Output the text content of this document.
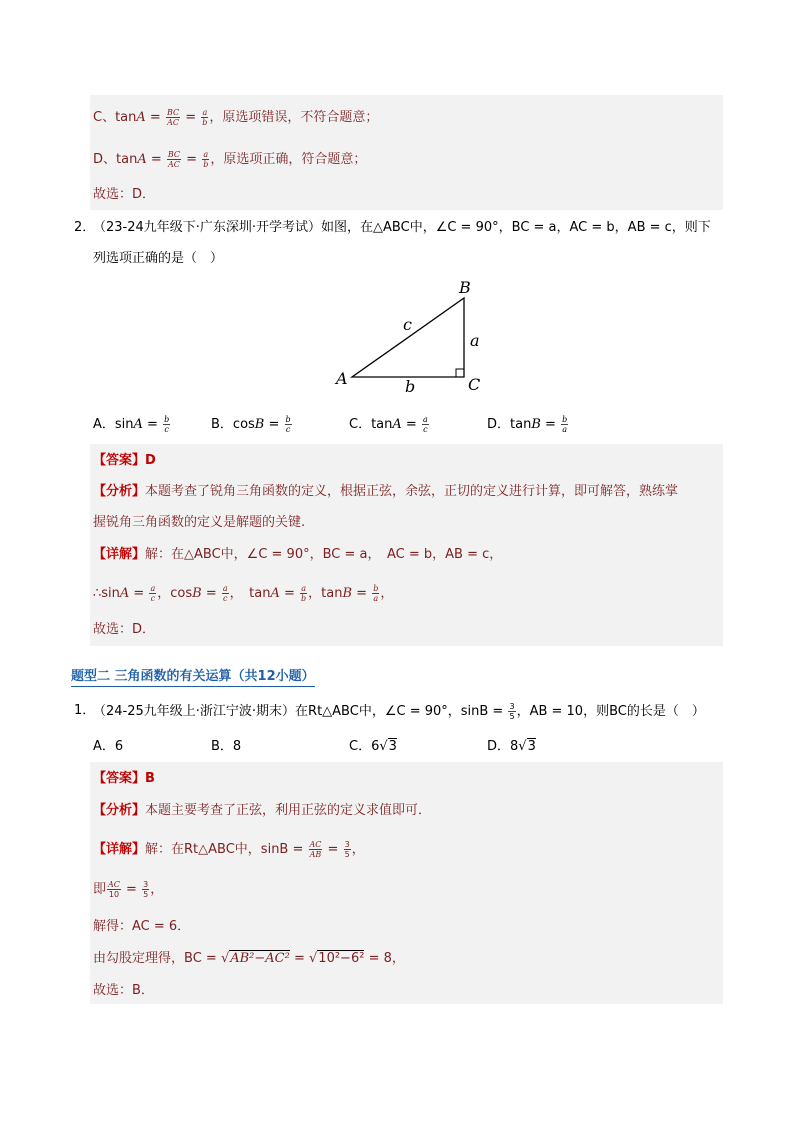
C、$\tan A = \frac{BC}{AC} = \frac{a}{b}$ ，原选项错误，不符合题意；
D、$\tan A = \frac{BC}{AC} = \frac{a}{b}$ ，原选项正确，符合题意；
故选：D．
2．
（23-24九年级下·广东深圳·开学考试）如图，在△ABC中，∠C = 90°，BC = a，AC = b，AB = c，则下
列选项正确的是（　）
A
B
C
a
b
c
A．$\sin A = \frac{b}{c}$	B．$\cos B = \frac{b}{c}$	C．$\tan A = \frac{a}{c}$	D．$\tan B = \frac{b}{a}$
【答案】D
【分析】本题考查了锐角三角函数的定义，根据正弦，余弦，正切的定义进行计算，即可解答，熟练掌
握锐角三角函数的定义是解题的关键.
【详解】解：在△ABC中，∠C = 90°，BC = a，　AC = b，AB = c，
∴sinA = $\frac{a}{c}$ ，$\cos B = \frac{a}{c}$ ，　$\tan A = \frac{a}{b}$ ，$\tan B = \frac{b}{a}$ ，
故选：D．
题型二 三角函数的有关运算（共12小题）
1．
（24-25九年级上·浙江宁波·期末）在Rt△ABC中，∠C = 90°，$\sin B = \frac{3}{5}$ ，AB = 10，则BC的长是（　）
A．6	B．8	C．6√3	D．8√3
【答案】B
【分析】本题主要考查了正弦，利用正弦的定义求值即可．
【详解】解：在Rt△ABC中，$\sin B = \frac{AC}{AB} = \frac{3}{5}$ ，
即 $\frac{AC}{10} = \frac{3}{5}$ ，
解得：AC = 6．
由勾股定理得，BC = √AB²−AC² = √10²−6² = 8，
故选：B．
